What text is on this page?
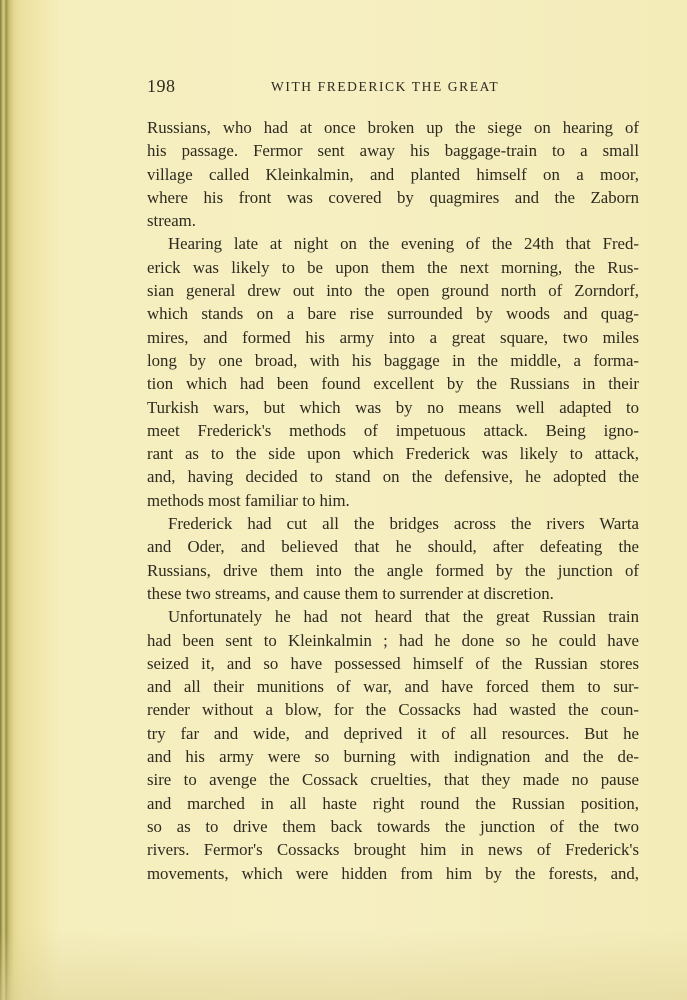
198	WITH FREDERICK THE GREAT
Russians, who had at once broken up the siege on hearing of
his passage. Fermor sent away his baggage-train to a small
village called Kleinkalmin, and planted himself on a moor,
where his front was covered by quagmires and the Zaborn
stream.
Hearing late at night on the evening of the 24th that Fred-
erick was likely to be upon them the next morning, the Rus-
sian general drew out into the open ground north of Zorndorf,
which stands on a bare rise surrounded by woods and quag-
mires, and formed his army into a great square, two miles
long by one broad, with his baggage in the middle, a forma-
tion which had been found excellent by the Russians in their
Turkish wars, but which was by no means well adapted to
meet Frederick's methods of impetuous attack. Being igno-
rant as to the side upon which Frederick was likely to attack,
and, having decided to stand on the defensive, he adopted the
methods most familiar to him.
Frederick had cut all the bridges across the rivers Warta
and Oder, and believed that he should, after defeating the
Russians, drive them into the angle formed by the junction of
these two streams, and cause them to surrender at discretion.
Unfortunately he had not heard that the great Russian train
had been sent to Kleinkalmin ; had he done so he could have
seized it, and so have possessed himself of the Russian stores
and all their munitions of war, and have forced them to sur-
render without a blow, for the Cossacks had wasted the coun-
try far and wide, and deprived it of all resources. But he
and his army were so burning with indignation and the de-
sire to avenge the Cossack cruelties, that they made no pause
and marched in all haste right round the Russian position,
so as to drive them back towards the junction of the two
rivers. Fermor's Cossacks brought him in news of Frederick's
movements, which were hidden from him by the forests, and,
